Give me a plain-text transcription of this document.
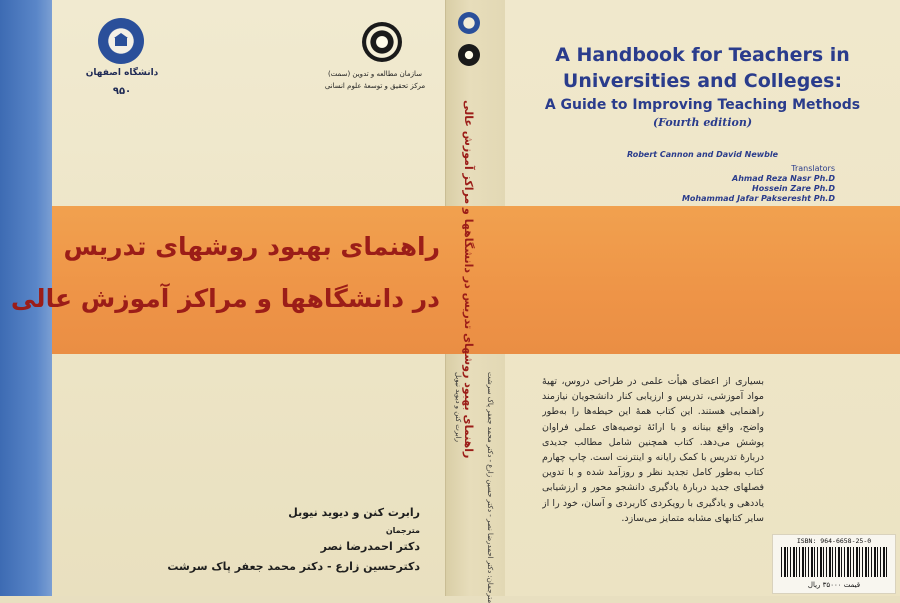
دانشگاه اصفهان
۹۵۰
سازمان مطالعه و تدوین (سمت)
مرکز تحقیق و توسعهٔ علوم انسانی
راهنمای بهبود روشهای تدریس
در دانشگاهها و مراکز آموزش عالی
رابرت کنن و دیوید نیوبل
مترجمان
دکتر احمدرضا نصر
دکترحسین زارع - دکتر محمد جعفر پاک سرشت
راهنمای بهبود روشهای تدریس در دانشگاهها و مراکز آموزش عالی
مترجمان: دکتر احمدرضا نصر - دکتر حسین زارع - دکتر محمد جعفر پاک سرشت
رابرت کنن و دیوید نیوبل
A Handbook for Teachers in
Universities and Colleges:
A Guide to Improving Teaching Methods
(Fourth edition)
Robert Cannon and David Newble
Translators
Ahmad Reza Nasr Ph.D
Hossein Zare Ph.D
Mohammad Jafar Pakseresht Ph.D
بسیاری از اعضای هیأت علمی در طراحی دروس، تهیهٔ مواد آموزشی، تدریس و ارزیابی کنار دانشجویان نیازمند راهنمایی هستند. این کتاب همهٔ این حیطه‌ها را به‌طور واضح، واقع بینانه و با ارائهٔ توصیه‌های عملی فراوان پوشش می‌دهد. کتاب همچنین شامل مطالب جدیدی دربارهٔ تدریس با کمک رایانه و اینترنت است. چاپ چهارم کتاب به‌طور کامل تجدید نظر و روزآمد شده و با تدوین فصلهای جدید دربارهٔ یادگیری دانشجو محور و ارزشیابی یاددهی و یادگیری با رویکردی کاربردی و آسان، خود را از سایر کتابهای مشابه متمایز می‌سازد.
ISBN: 964-6658-25-0
قیمت ۳۵۰۰۰ ریال
